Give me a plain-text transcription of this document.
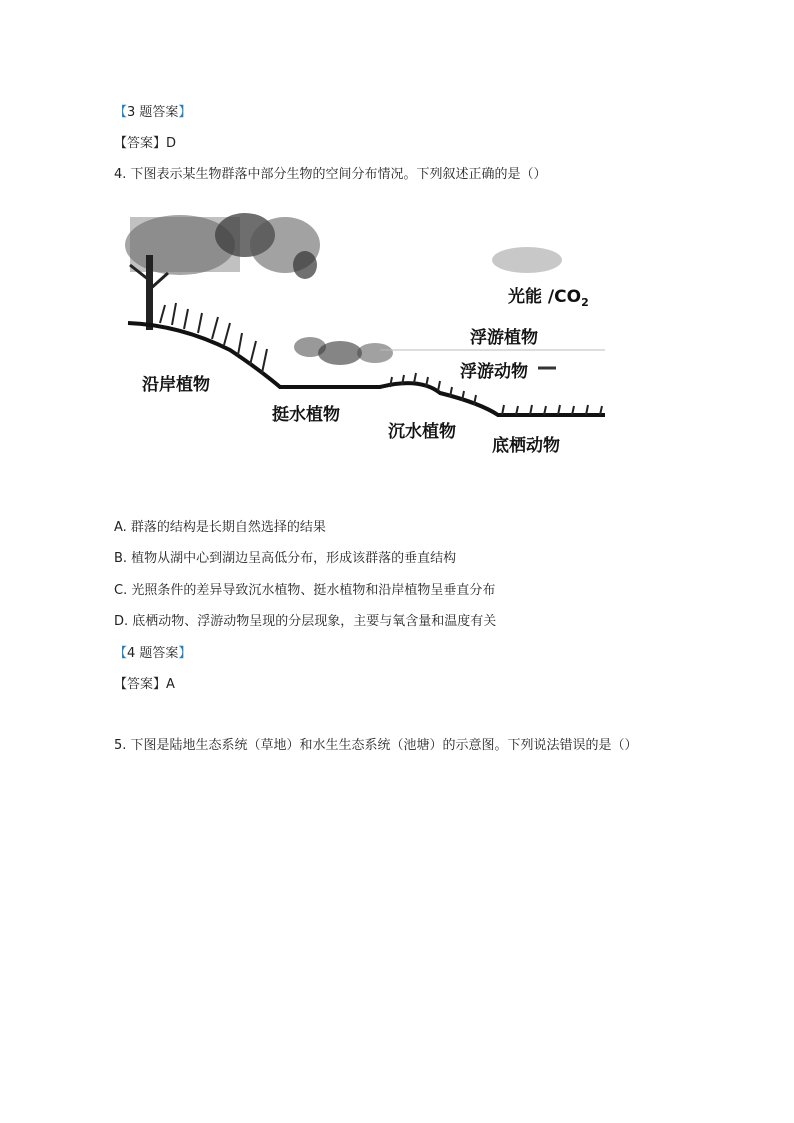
【3 题答案】
【答案】D
4. 下图表示某生物群落中部分生物的空间分布情况。下列叙述正确的是（）
光能 $/CO_2$
浮游植物
浮游动物
沿岸植物
挺水植物
沉水植物
底栖动物
A. 群落的结构是长期自然选择的结果
B. 植物从湖中心到湖边呈高低分布，形成该群落的垂直结构
C. 光照条件的差异导致沉水植物、挺水植物和沿岸植物呈垂直分布
D. 底栖动物、浮游动物呈现的分层现象，主要与氧含量和温度有关
【4 题答案】
【答案】A
5. 下图是陆地生态系统（草地）和水生生态系统（池塘）的示意图。下列说法错误的是（）
